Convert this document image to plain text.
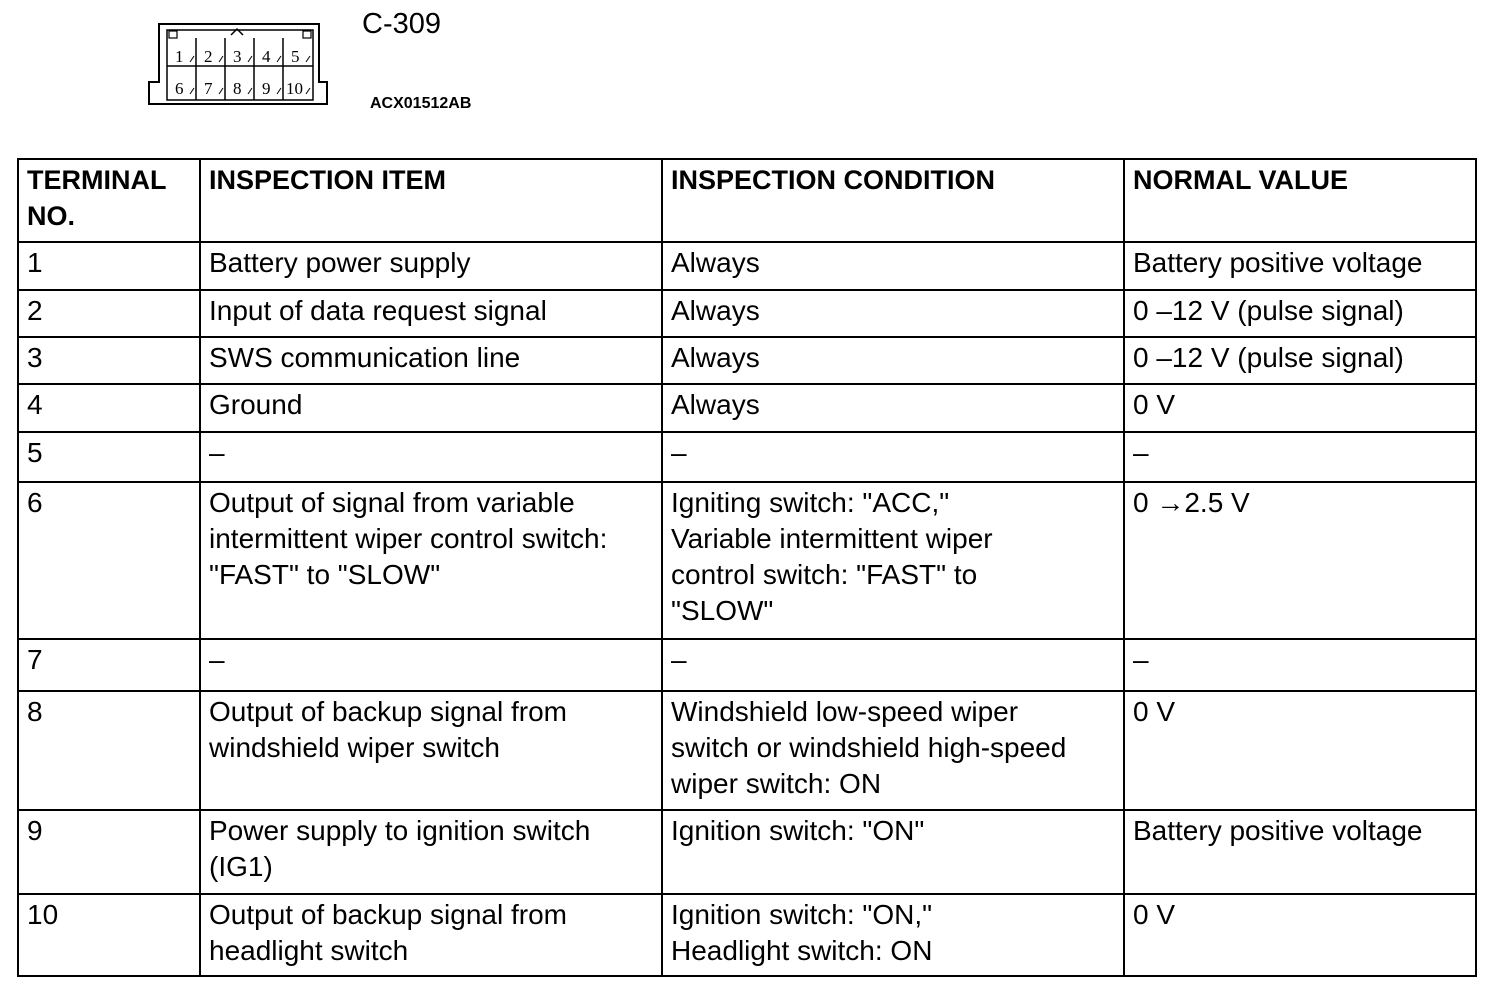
1 2 3 4 5
6 7 8 9 10
C-309
ACX01512AB
TERMINAL
NO.	INSPECTION ITEM	INSPECTION CONDITION	NORMAL VALUE
1	Battery power supply	Always	Battery positive voltage
2	Input of data request signal	Always	0 –12 V (pulse signal)
3	SWS communication line	Always	0 –12 V (pulse signal)
4	Ground	Always	0 V
5	–	–	–
6	Output of signal from variable
intermittent wiper control switch:
"FAST" to "SLOW"	Igniting switch: "ACC,"
Variable intermittent wiper
control switch: "FAST" to
"SLOW"	0 →2.5 V
7	–	–	–
8	Output of backup signal from
windshield wiper switch	Windshield low-speed wiper
switch or windshield high-speed
wiper switch: ON	0 V
9	Power supply to ignition switch
(IG1)	Ignition switch: "ON"	Battery positive voltage
10	Output of backup signal from
headlight switch	Ignition switch: "ON,"
Headlight switch: ON	0 V
